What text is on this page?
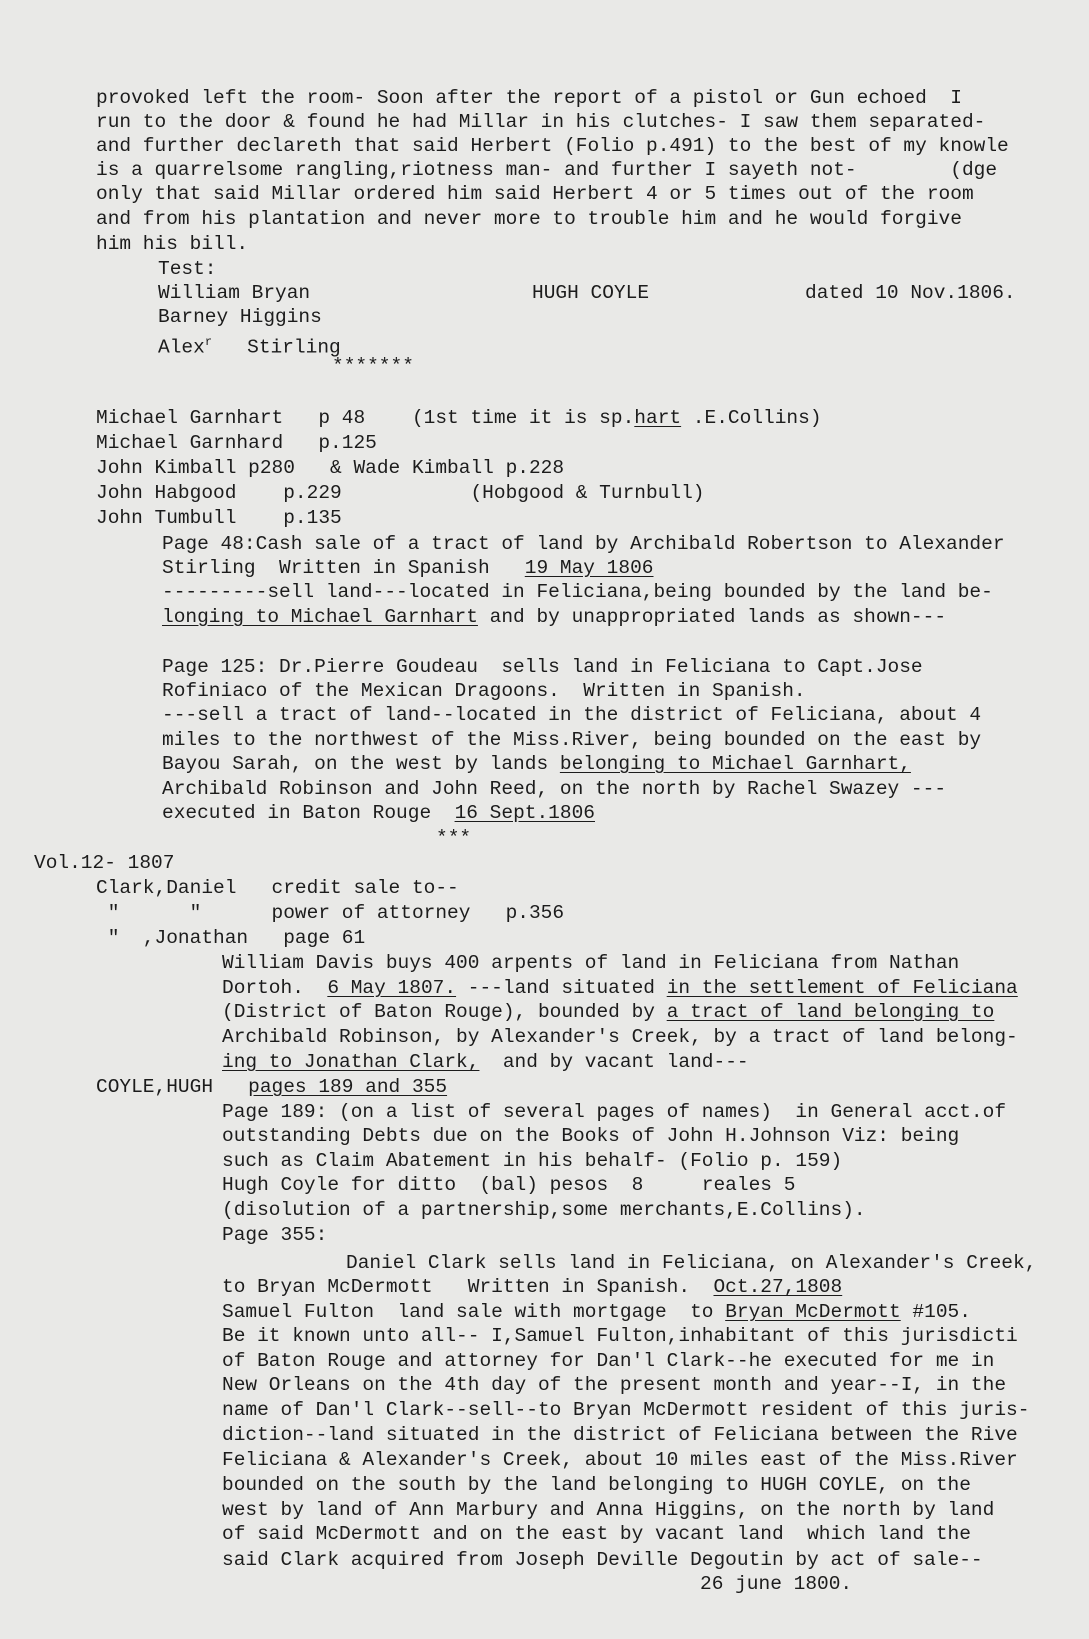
provoked left the room- Soon after the report of a pistol or Gun echoed  I
run to the door & found he had Millar in his clutches- I saw them separated-
and further declareth that said Herbert (Folio p.491) to the best of my knowle
is a quarrelsome rangling,riotness man- and further I sayeth not-        (dge
only that said Millar ordered him said Herbert 4 or 5 times out of the room
and from his plantation and never more to trouble him and he would forgive
him his bill.
Test:
William Bryan	HUGH COYLE	dated 10 Nov.1806.
Barney Higgins
Alex$^r$ Stirling
*******
Michael Garnhart   p 48    (1st time it is sp.hart .E.Collins)
Michael Garnhard   p.125
John Kimball p280   & Wade Kimball p.228
John Habgood    p.229           (Hobgood & Turnbull)
John Tumbull    p.135
Page 48:Cash sale of a tract of land by Archibald Robertson to Alexander
Stirling  Written in Spanish   19 May 1806
---------sell land---located in Feliciana,being bounded by the land be-
longing to Michael Garnhart and by unappropriated lands as shown---
Page 125: Dr.Pierre Goudeau  sells land in Feliciana to Capt.Jose
Rofiniaco of the Mexican Dragoons.  Written in Spanish.
---sell a tract of land--located in the district of Feliciana, about 4
miles to the northwest of the Miss.River, being bounded on the east by
Bayou Sarah, on the west by lands belonging to Michael Garnhart,
Archibald Robinson and John Reed, on the north by Rachel Swazey ---
executed in Baton Rouge  16 Sept.1806
***
Vol.12- 1807
Clark,Daniel   credit sale to--
"      "      power of attorney   p.356
"  ,Jonathan   page 61
William Davis buys 400 arpents of land in Feliciana from Nathan
Dortoh.  6 May 1807. ---land situated in the settlement of Feliciana
(District of Baton Rouge), bounded by a tract of land belonging to
Archibald Robinson, by Alexander's Creek, by a tract of land belong-
ing to Jonathan Clark,  and by vacant land---
COYLE,HUGH   pages 189 and 355
Page 189: (on a list of several pages of names)  in General acct.of
outstanding Debts due on the Books of John H.Johnson Viz: being
such as Claim Abatement in his behalf- (Folio p. 159)
Hugh Coyle for ditto  (bal) pesos  8     reales 5
(disolution of a partnership,some merchants,E.Collins).
Page 355:
Daniel Clark sells land in Feliciana, on Alexander's Creek,
to Bryan McDermott   Written in Spanish.  Oct.27,1808
Samuel Fulton  land sale with mortgage  to Bryan McDermott #105.
Be it known unto all-- I,Samuel Fulton,inhabitant of this jurisdicti
of Baton Rouge and attorney for Dan'l Clark--he executed for me in
New Orleans on the 4th day of the present month and year--I, in the
name of Dan'l Clark--sell--to Bryan McDermott resident of this juris-
diction--land situated in the district of Feliciana between the Rive
Feliciana & Alexander's Creek, about 10 miles east of the Miss.River
bounded on the south by the land belonging to HUGH COYLE, on the
west by land of Ann Marbury and Anna Higgins, on the north by land
of said McDermott and on the east by vacant land  which land the
said Clark acquired from Joseph Deville Degoutin by act of sale--
26 june 1800.
